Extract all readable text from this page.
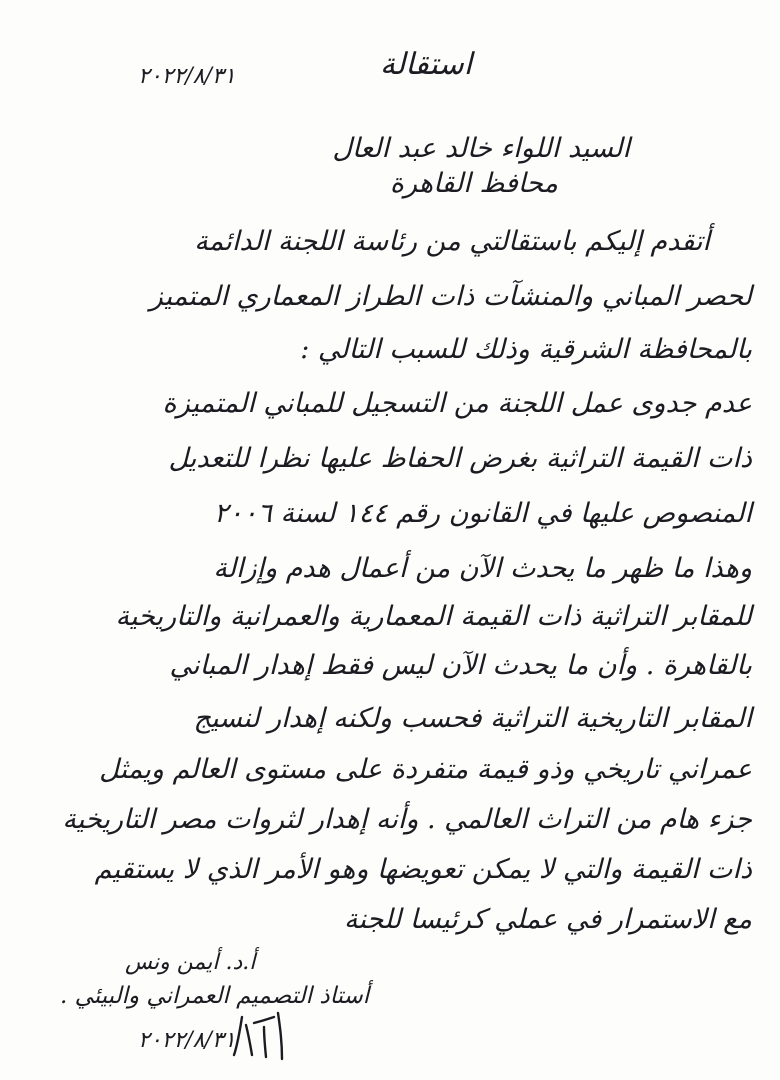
استقالة
٢٠٢٢/٨/٣١
السيد اللواء خالد عبد العال
محافظ القاهرة
أتقدم إليكم باستقالتي من رئاسة اللجنة الدائمة
لحصر المباني والمنشآت ذات الطراز المعماري المتميز
بالمحافظة الشرقية وذلك للسبب التالي :
عدم جدوى عمل اللجنة من التسجيل للمباني المتميزة
ذات القيمة التراثية بغرض الحفاظ عليها نظرا للتعديل
المنصوص عليها في القانون رقم ١٤٤ لسنة ٢٠٠٦
وهذا ما ظهر ما يحدث الآن من أعمال هدم وإزالة
للمقابر التراثية ذات القيمة المعمارية والعمرانية والتاريخية
بالقاهرة . وأن ما يحدث الآن ليس فقط إهدار المباني
المقابر التاريخية التراثية فحسب ولكنه إهدار لنسيج
عمراني تاريخي وذو قيمة متفردة على مستوى العالم ويمثل
جزء هام من التراث العالمي . وأنه إهدار لثروات مصر التاريخية
ذات القيمة والتي لا يمكن تعويضها وهو الأمر الذي لا يستقيم
مع الاستمرار في عملي كرئيسا للجنة
أ.د. أيمن ونس
أستاذ التصميم العمراني والبيئي .
٢٠٢٢/٨/٣١
